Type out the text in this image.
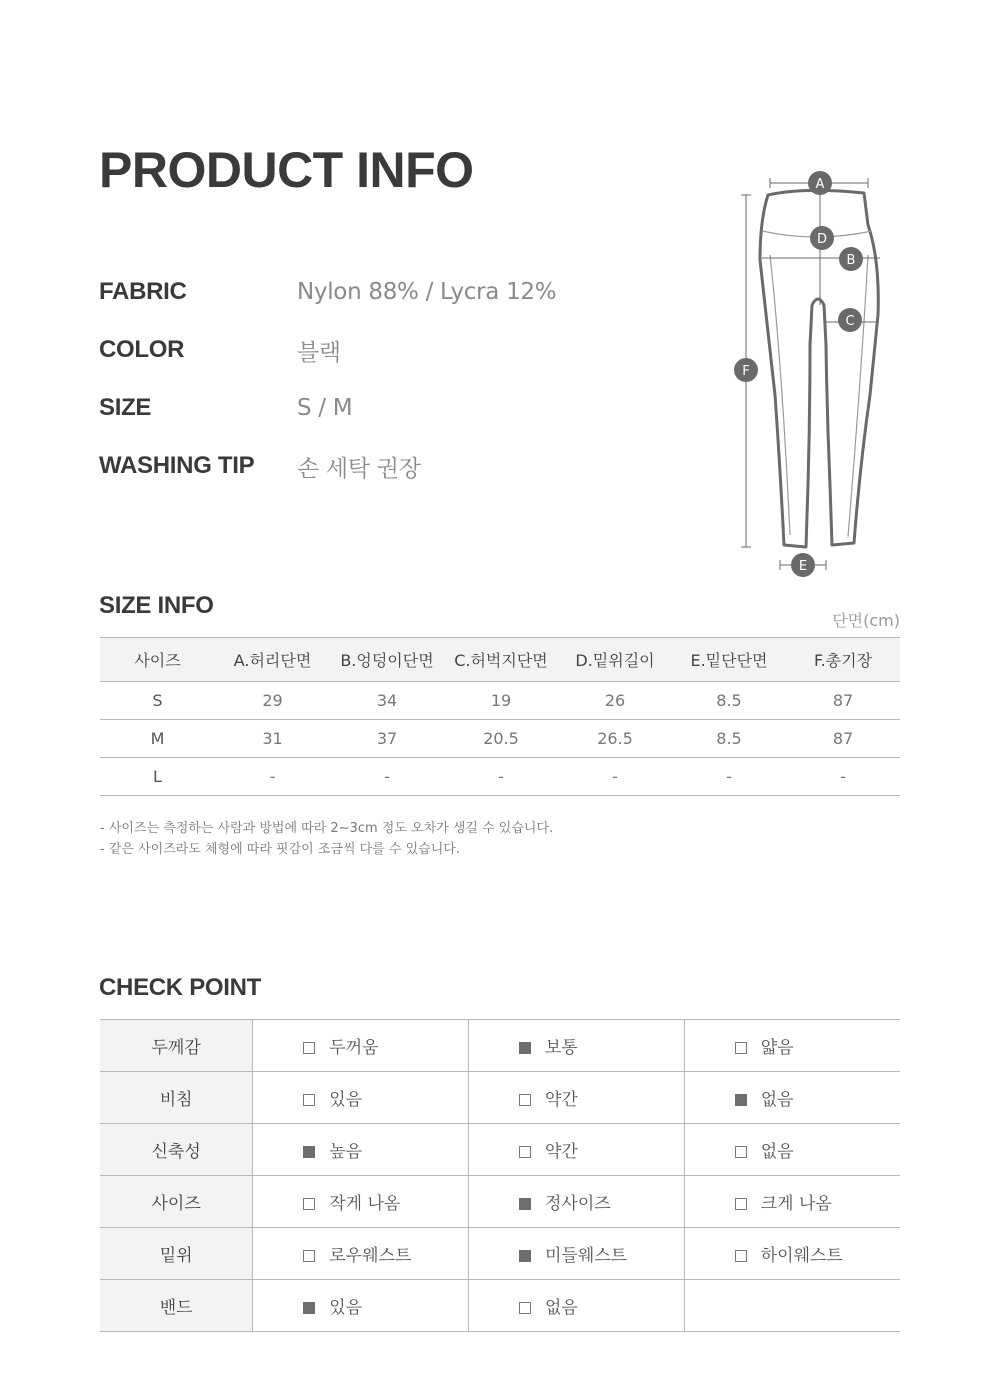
PRODUCT INFO
FABRIC	Nylon 88% / Lycra 12%
COLOR	블랙
SIZE	S / M
WASHING TIP	손 세탁 권장
A
D
B
C
F
E
SIZE INFO
단면(cm)
사이즈	A.허리단면	B.엉덩이단면	C.허벅지단면	D.밑위길이	E.밑단단면	F.총기장
S	29	34	19	26	8.5	87
M	31	37	20.5	26.5	8.5	87
L	-	-	-	-	-	-
- 사이즈는 측정하는 사람과 방법에 따라 2~3cm 정도 오차가 생길 수 있습니다.
- 같은 사이즈라도 체형에 따라 핏감이 조금씩 다를 수 있습니다.
CHECK POINT
두께감	두꺼움	보통	얇음
비침	있음	약간	없음
신축성	높음	약간	없음
사이즈	작게 나옴	정사이즈	크게 나옴
밑위	로우웨스트	미들웨스트	하이웨스트
밴드	있음	없음	
